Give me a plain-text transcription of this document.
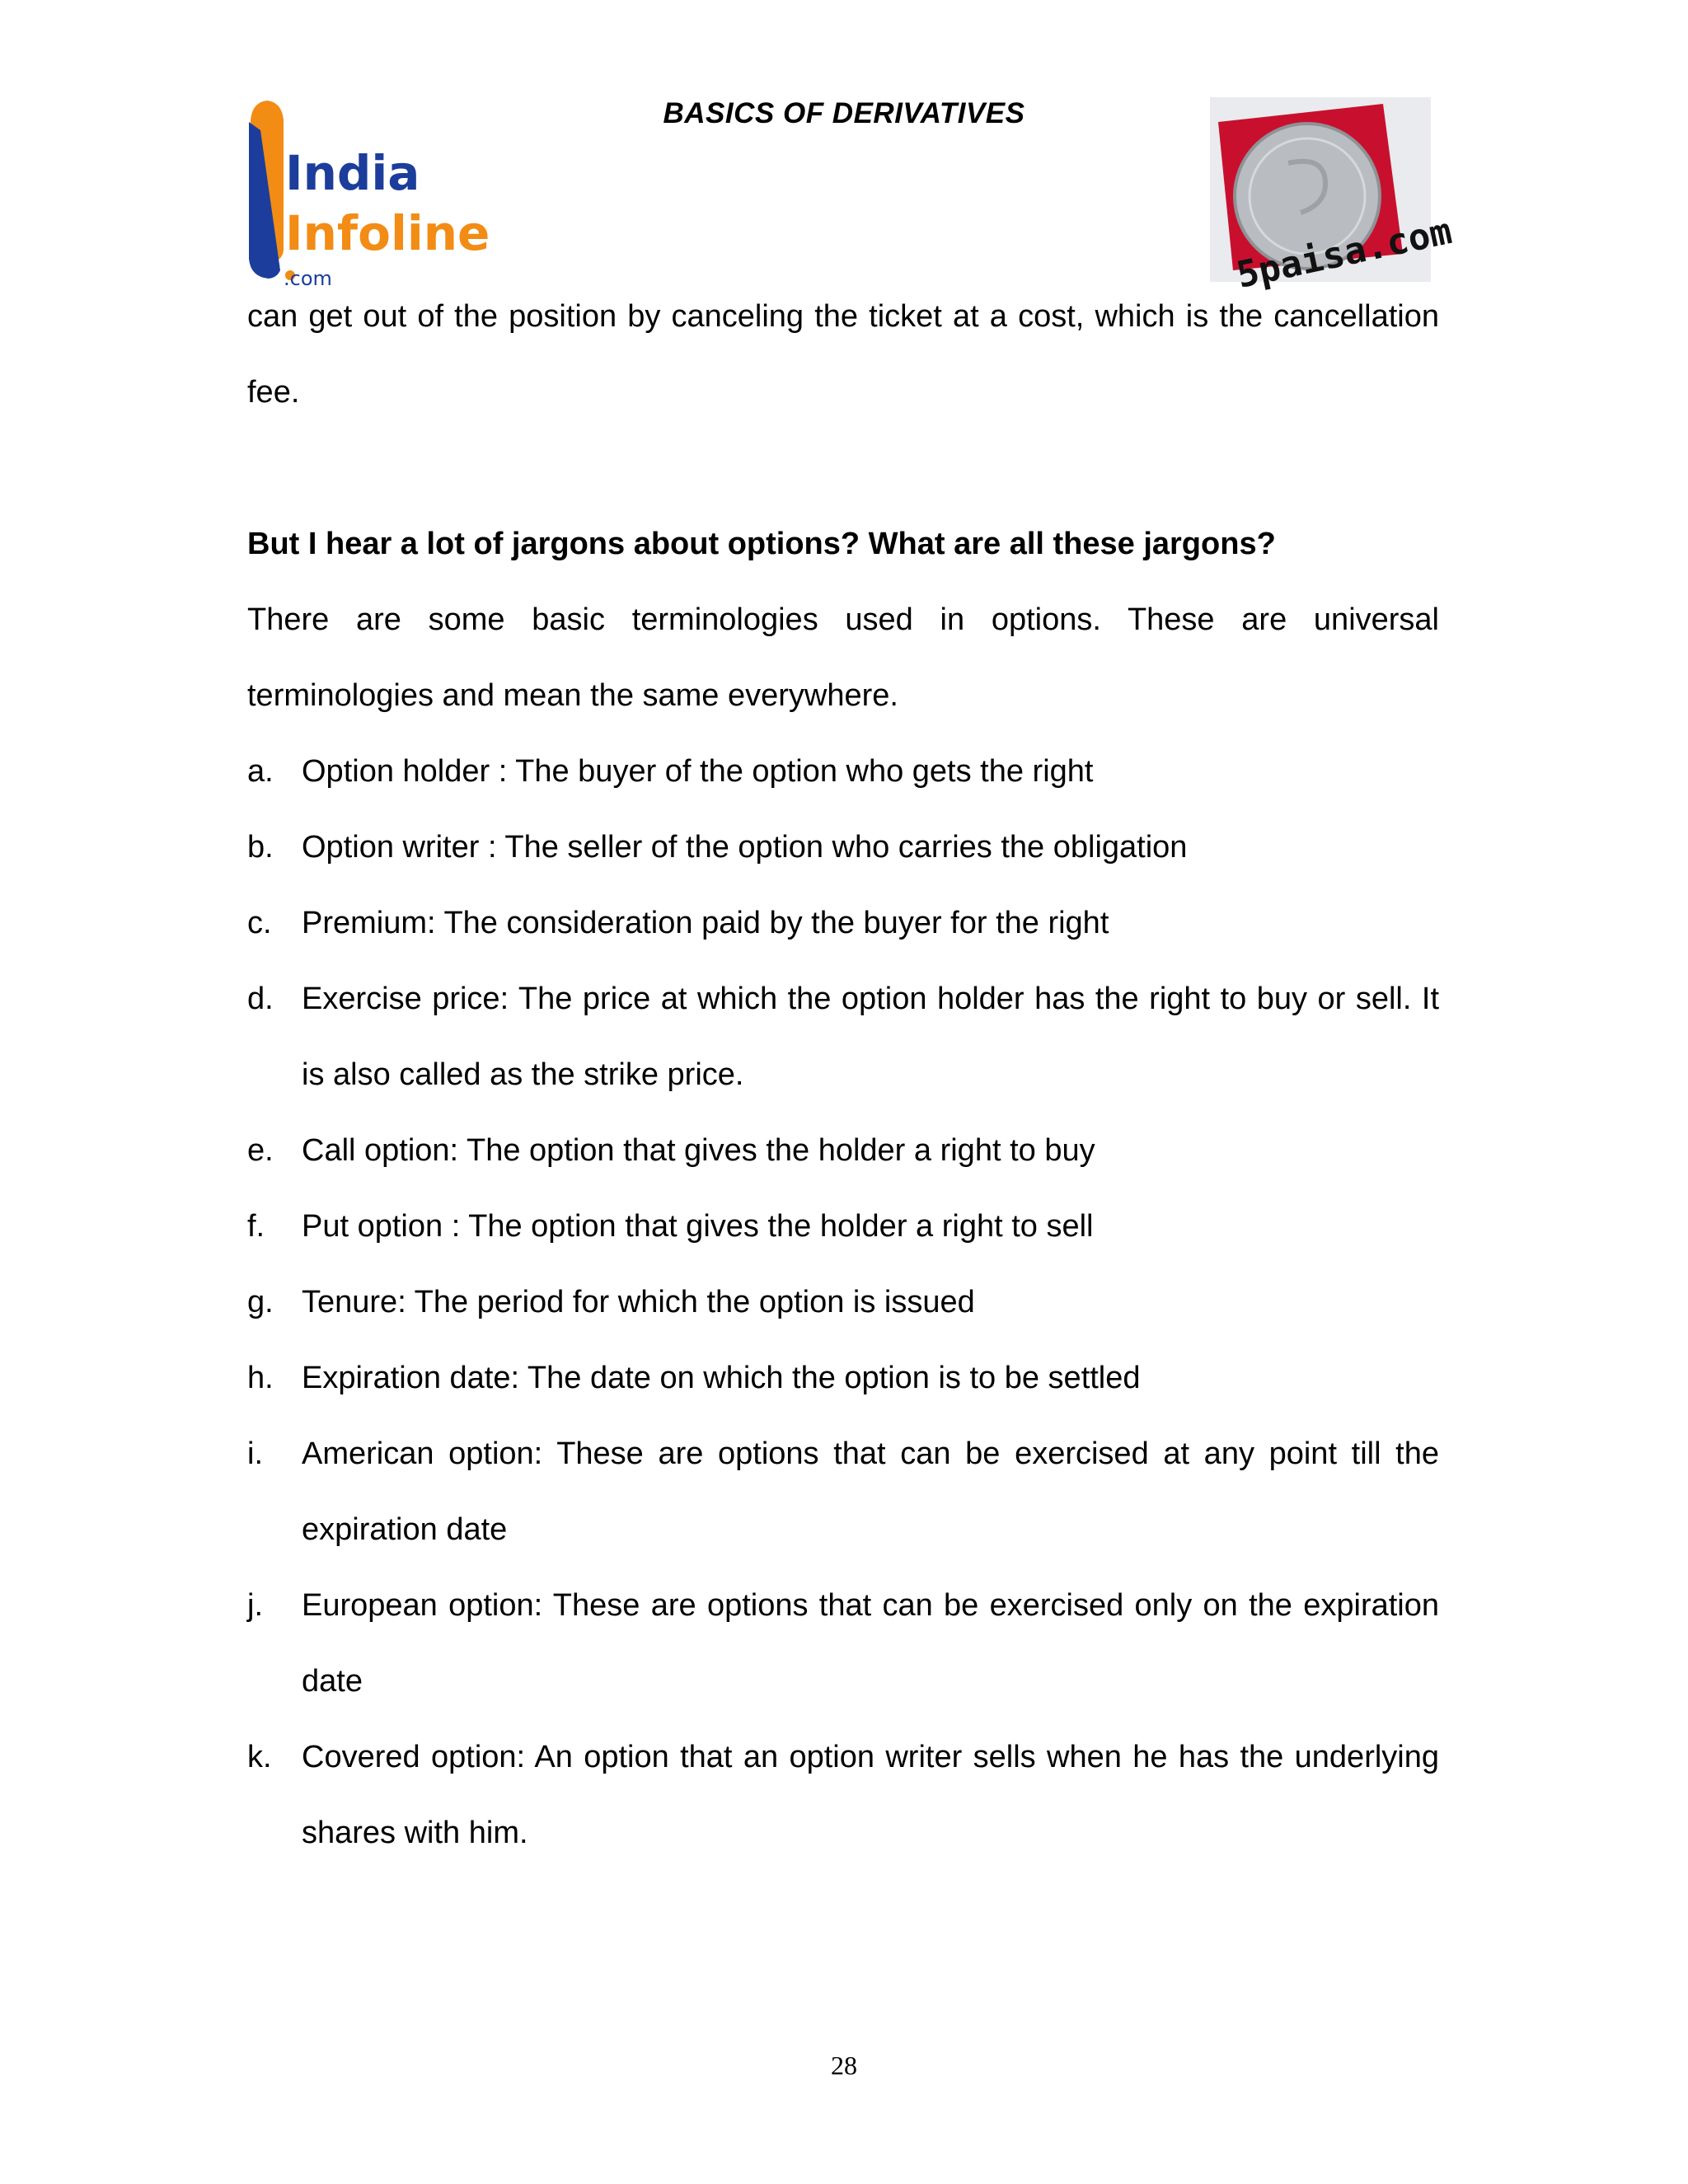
India
Infoline
.com
BASICS OF DERIVATIVES
5paisa.com

can get out of the position by canceling the ticket at a cost, which is the cancellation fee.

But I hear a lot of jargons about options? What are all these jargons?

There are some basic terminologies used in options. These are universal terminologies and mean the same everywhere.

a. Option holder : The buyer of the option who gets the right
b. Option writer : The seller of the option who carries the obligation
c. Premium: The consideration paid by the buyer for the right
d. Exercise price: The price at which the option holder has the right to buy or sell. It is also called as the strike price.
e. Call option: The option that gives the holder a right to buy
f. Put option : The option that gives the holder a right to sell
g. Tenure: The period for which the option is issued
h. Expiration date: The date on which the option is to be settled
i. American option: These are options that can be exercised at any point till the expiration date
j. European option: These are options that can be exercised only on the expiration date
k. Covered option: An option that an option writer sells when he has the underlying shares with him.
28
